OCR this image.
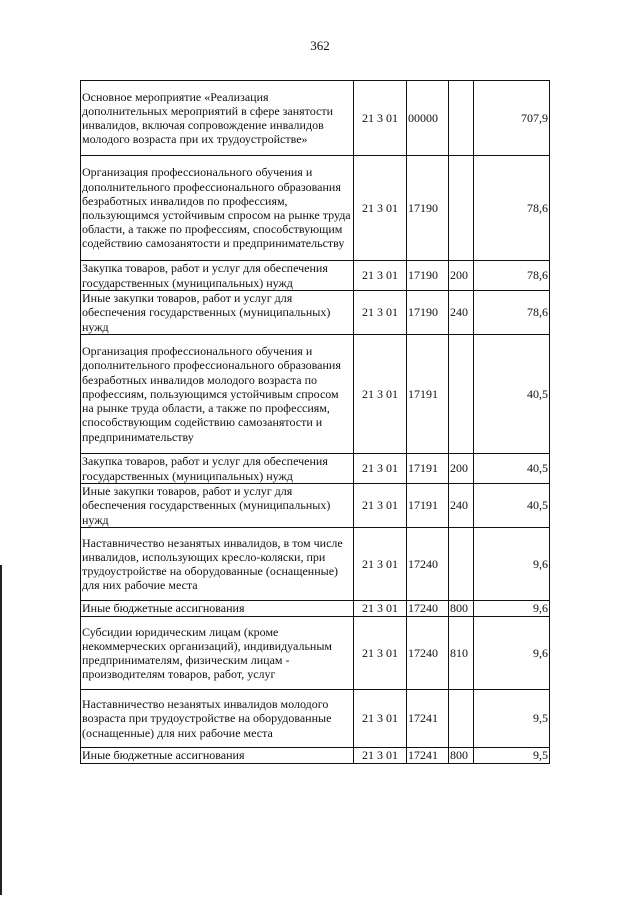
362
Основное мероприятие «Реализация дополнительных мероприятий в сфере занятости инвалидов, включая сопровождение инвалидов молодого возраста при их трудоустройстве»	21 3 01	00000		707,9
Организация профессионального обучения и дополнительного профессионального образования безработных инвалидов по профессиям, пользующимся устойчивым спросом на рынке труда области, а также по профессиям, способствующим содействию самозанятости и предпринимательству	21 3 01	17190		78,6
Закупка товаров, работ и услуг для обеспечения государственных (муниципальных) нужд	21 3 01	17190	200	78,6
Иные закупки товаров, работ и услуг для обеспечения государственных (муниципальных) нужд	21 3 01	17190	240	78,6
Организация профессионального обучения и дополнительного профессионального образования безработных инвалидов молодого возраста по профессиям, пользующимся устойчивым спросом на рынке труда области, а также по профессиям, способствующим содействию самозанятости и предпринимательству	21 3 01	17191		40,5
Закупка товаров, работ и услуг для обеспечения государственных (муниципальных) нужд	21 3 01	17191	200	40,5
Иные закупки товаров, работ и услуг для обеспечения государственных (муниципальных) нужд	21 3 01	17191	240	40,5
Наставничество незанятых инвалидов, в том числе инвалидов, использующих кресло-коляски, при трудоустройстве на оборудованные (оснащенные) для них рабочие места	21 3 01	17240		9,6
Иные бюджетные ассигнования	21 3 01	17240	800	9,6
Субсидии юридическим лицам (кроме некоммерческих организаций), индивидуальным предпринимателям, физическим лицам - производителям товаров, работ, услуг	21 3 01	17240	810	9,6
Наставничество незанятых инвалидов молодого возраста при трудоустройстве на оборудованные (оснащенные) для них рабочие места	21 3 01	17241		9,5
Иные бюджетные ассигнования	21 3 01	17241	800	9,5
